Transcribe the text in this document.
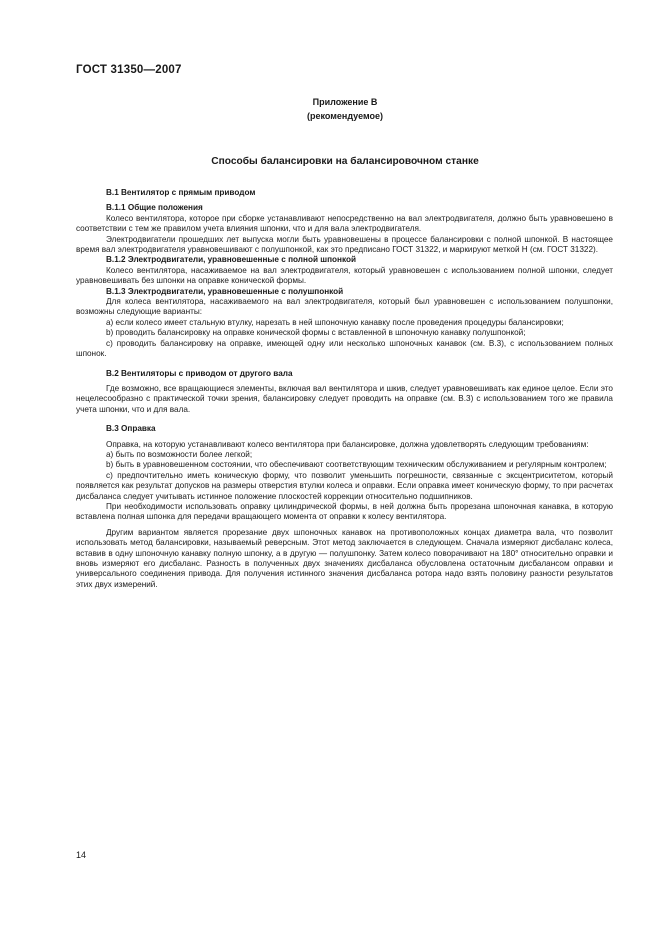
ГОСТ 31350—2007
Приложение В
(рекомендуемое)
Способы балансировки на балансировочном станке

В.1 Вентилятор с прямым приводом

В.1.1 Общие положения

Колесо вентилятора, которое при сборке устанавливают непосредственно на вал электродвигателя, должно быть уравновешено в соответствии с тем же правилом учета влияния шпонки, что и для вала электродвигателя.

Электродвигатели прошедших лет выпуска могли быть уравновешены в процессе балансировки с полной шпонкой. В настоящее время вал электродвигателя уравновешивают с полушпонкой, как это предписано ГОСТ 31322, и маркируют меткой Н (см. ГОСТ 31322).

В.1.2 Электродвигатели, уравновешенные с полной шпонкой

Колесо вентилятора, насаживаемое на вал электродвигателя, который уравновешен с использованием полной шпонки, следует уравновешивать без шпонки на оправке конической формы.

В.1.3 Электродвигатели, уравновешенные с полушпонкой

Для колеса вентилятора, насаживаемого на вал электродвигателя, который был уравновешен с использованием полушпонки, возможны следующие варианты:

а) если колесо имеет стальную втулку, нарезать в ней шпоночную канавку после проведения процедуры балансировки;

b) проводить балансировку на оправке конической формы с вставленной в шпоночную канавку полушпонкой;

с) проводить балансировку на оправке, имеющей одну или несколько шпоночных канавок (см. В.3), с использованием полных шпонок.

В.2 Вентиляторы с приводом от другого вала

Где возможно, все вращающиеся элементы, включая вал вентилятора и шкив, следует уравновешивать как единое целое. Если это нецелесообразно с практической точки зрения, балансировку следует проводить на оправке (см. В.3) с использованием того же правила учета шпонки, что и для вала.

В.3 Оправка

Оправка, на которую устанавливают колесо вентилятора при балансировке, должна удовлетворять следующим требованиям:

а) быть по возможности более легкой;

b) быть в уравновешенном состоянии, что обеспечивают соответствующим техническим обслуживанием и регулярным контролем;

с) предпочтительно иметь коническую форму, что позволит уменьшить погрешности, связанные с эксцентриситетом, который появляется как результат допусков на размеры отверстия втулки колеса и оправки. Если оправка имеет коническую форму, то при расчетах дисбаланса следует учитывать истинное положение плоскостей коррекции относительно подшипников.

При необходимости использовать оправку цилиндрической формы, в ней должна быть прорезана шпоночная канавка, в которую вставлена полная шпонка для передачи вращающего момента от оправки к колесу вентилятора.

Другим вариантом является прорезание двух шпоночных канавок на противоположных концах диаметра вала, что позволит использовать метод балансировки, называемый реверсным. Этот метод заключается в следующем. Сначала измеряют дисбаланс колеса, вставив в одну шпоночную канавку полную шпонку, а в другую — полушпонку. Затем колесо поворачивают на 180° относительно оправки и вновь измеряют его дисбаланс. Разность в полученных двух значениях дисбаланса обусловлена остаточным дисбалансом оправки и универсального соединения привода. Для получения истинного значения дисбаланса ротора надо взять половину разности результатов этих двух измерений.

14
